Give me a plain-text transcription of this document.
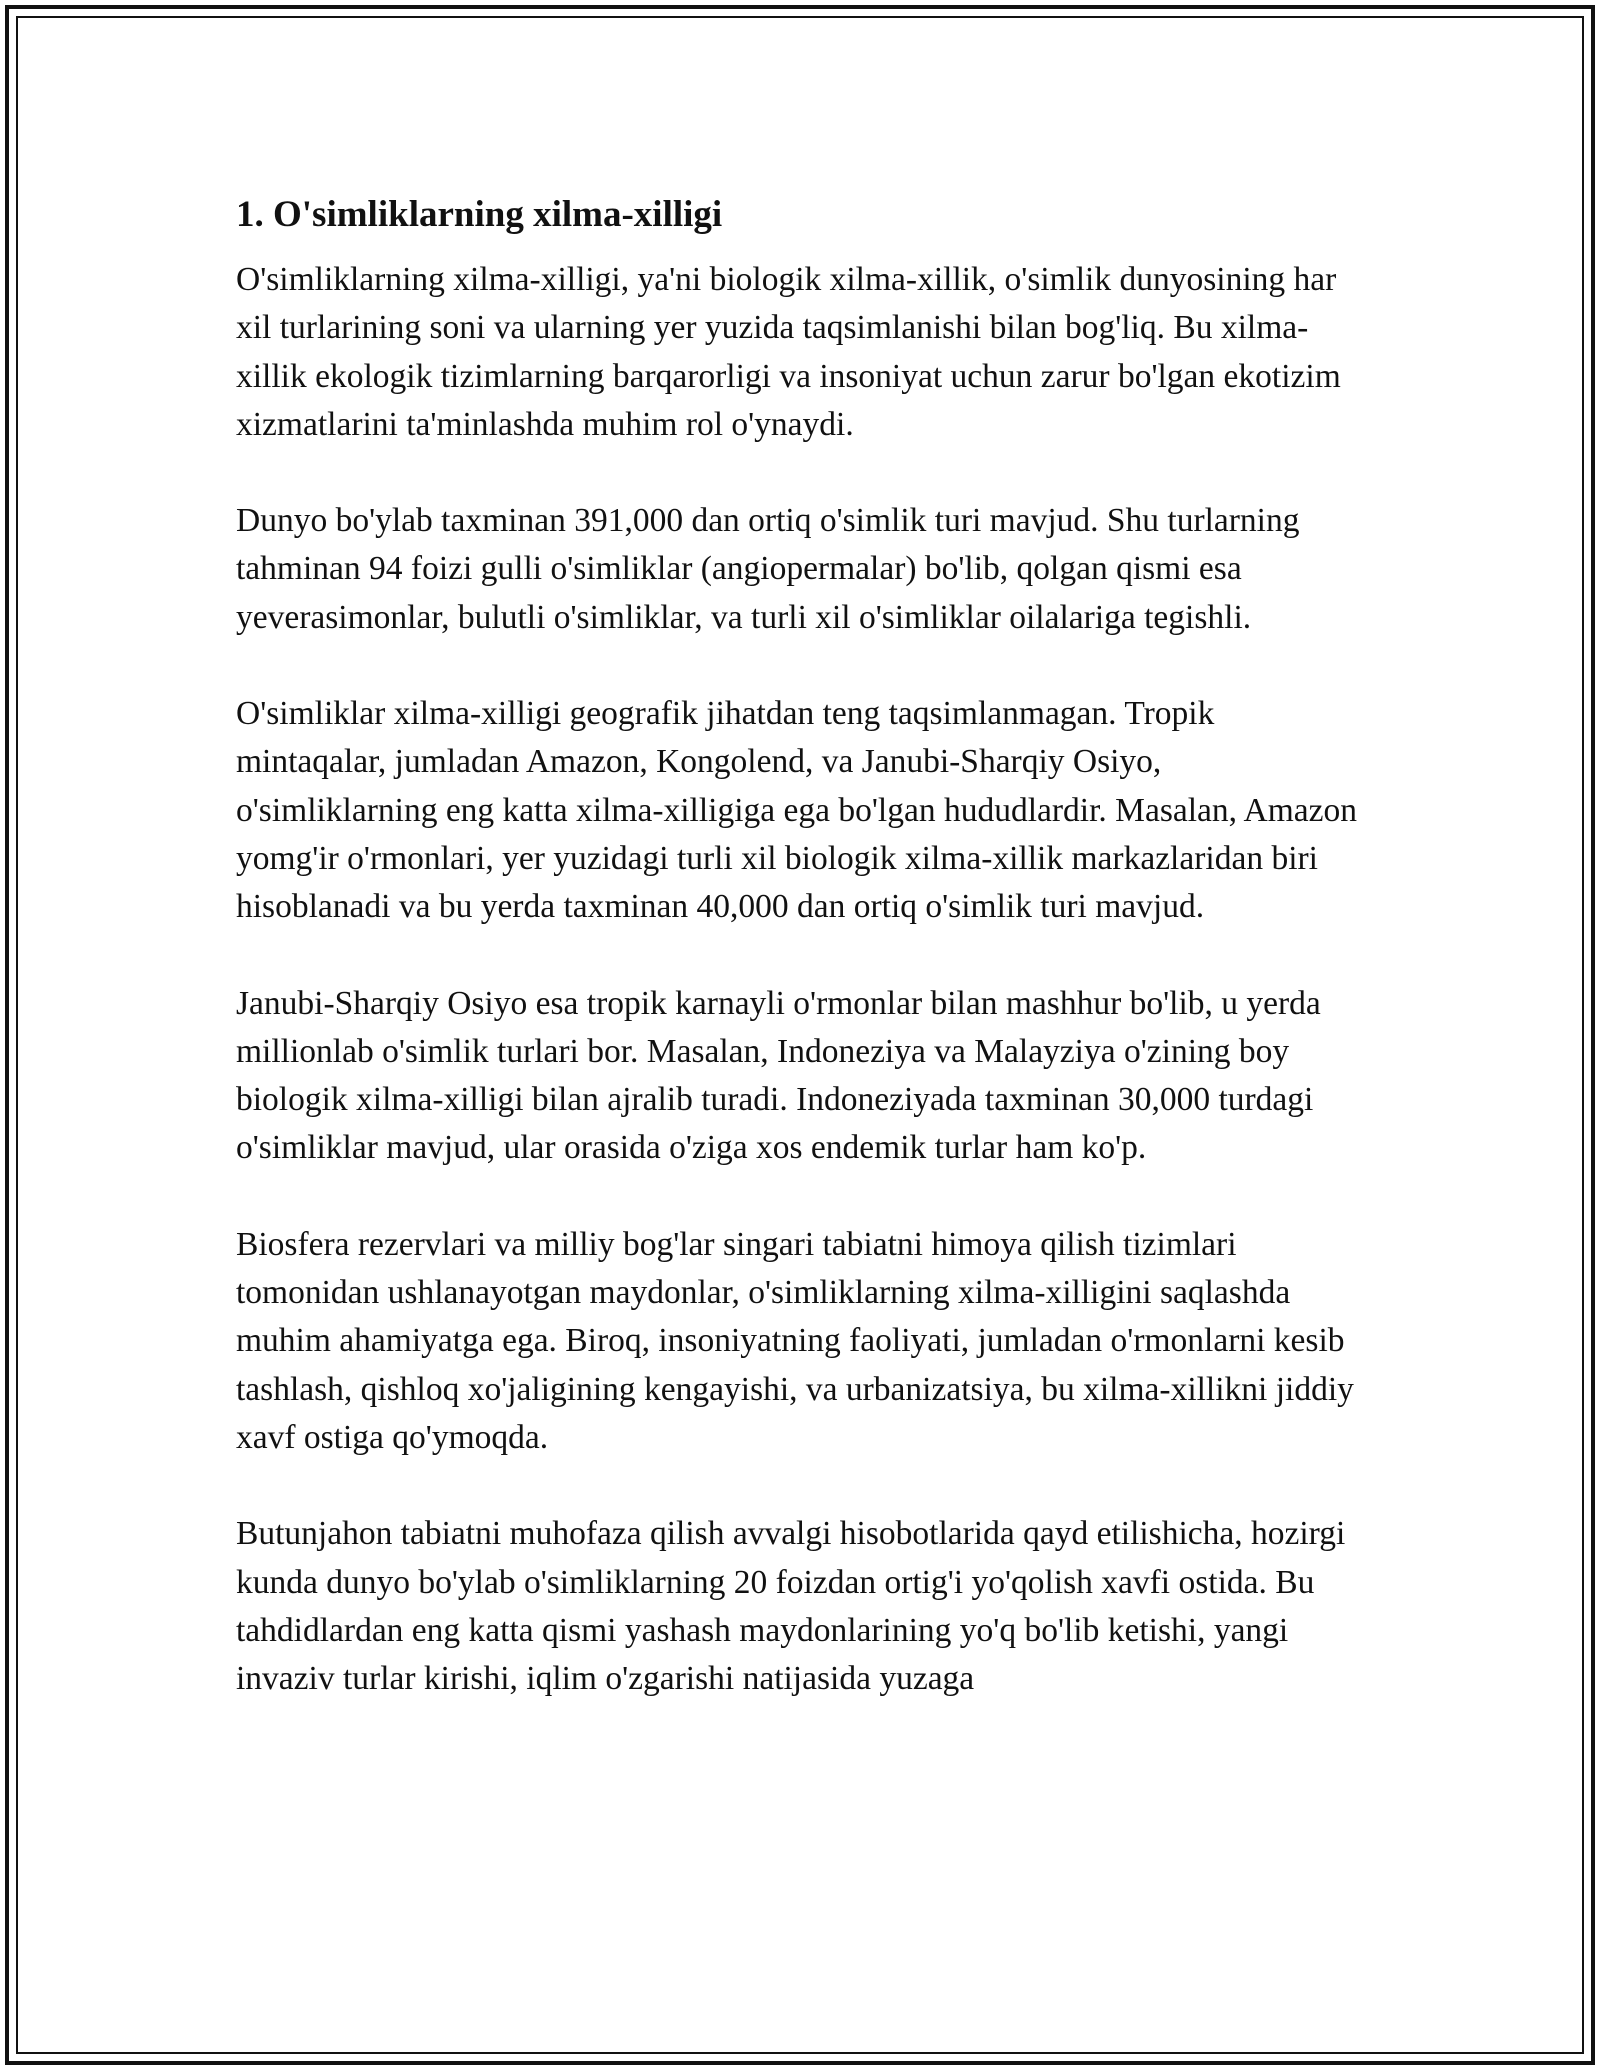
1. O'simliklarning xilma-xilligi

O'simliklarning xilma-xilligi, ya'ni biologik xilma-xillik, o'simlik dunyosining har xil turlarining soni va ularning yer yuzida taqsimlanishi bilan bog'liq. Bu xilma-xillik ekologik tizimlarning barqarorligi va insoniyat uchun zarur bo'lgan ekotizim xizmatlarini ta'minlashda muhim rol o'ynaydi.

Dunyo bo'ylab taxminan 391,000 dan ortiq o'simlik turi mavjud. Shu turlarning tahminan 94 foizi gulli o'simliklar (angiopermalar) bo'lib, qolgan qismi esa yeverasimonlar, bulutli o'simliklar, va turli xil o'simliklar oilalariga tegishli.

O'simliklar xilma-xilligi geografik jihatdan teng taqsimlanmagan. Tropik mintaqalar, jumladan Amazon, Kongolend, va Janubi-Sharqiy Osiyo, o'simliklarning eng katta xilma-xilligiga ega bo'lgan hududlardir. Masalan, Amazon yomg'ir o'rmonlari, yer yuzidagi turli xil biologik xilma-xillik markazlaridan biri hisoblanadi va bu yerda taxminan 40,000 dan ortiq o'simlik turi mavjud.

Janubi-Sharqiy Osiyo esa tropik karnayli o'rmonlar bilan mashhur bo'lib, u yerda millionlab o'simlik turlari bor. Masalan, Indoneziya va Malayziya o'zining boy biologik xilma-xilligi bilan ajralib turadi. Indoneziyada taxminan 30,000 turdagi o'simliklar mavjud, ular orasida o'ziga xos endemik turlar ham ko'p.

Biosfera rezervlari va milliy bog'lar singari tabiatni himoya qilish tizimlari tomonidan ushlanayotgan maydonlar, o'simliklarning xilma-xilligini saqlashda muhim ahamiyatga ega. Biroq, insoniyatning faoliyati, jumladan o'rmonlarni kesib tashlash, qishloq xo'jaligining kengayishi, va urbanizatsiya, bu xilma-xillikni jiddiy xavf ostiga qo'ymoqda.

Butunjahon tabiatni muhofaza qilish avvalgi hisobotlarida qayd etilishicha, hozirgi kunda dunyo bo'ylab o'simliklarning 20 foizdan ortig'i yo'qolish xavfi ostida. Bu tahdidlardan eng katta qismi yashash maydonlarining yo'q bo'lib ketishi, yangi invaziv turlar kirishi, iqlim o'zgarishi natijasida yuzaga
